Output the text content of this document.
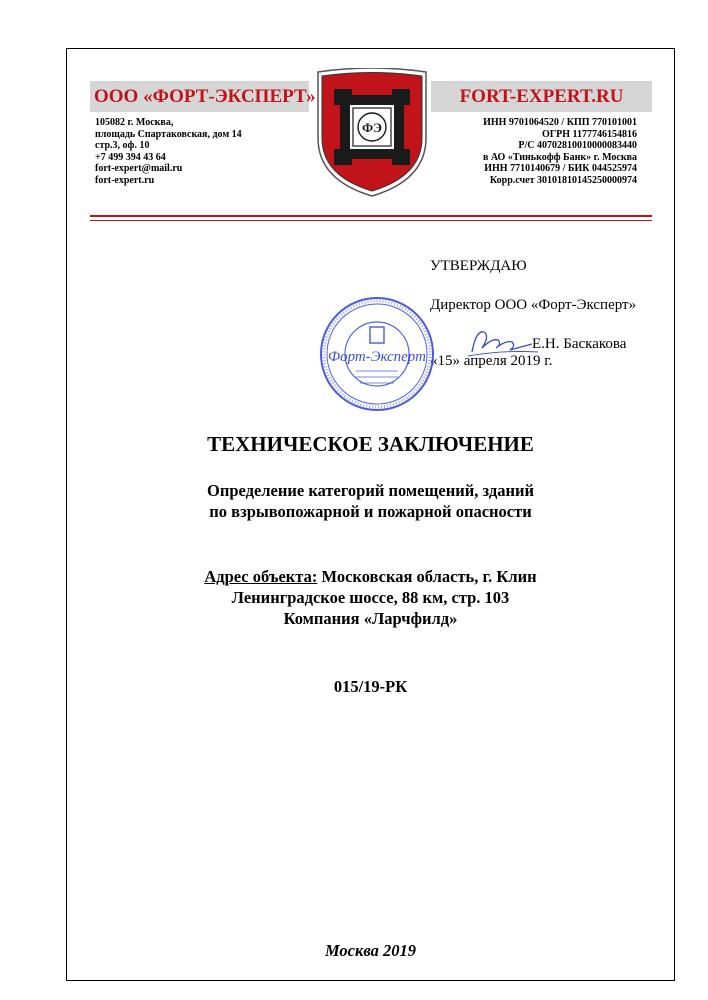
ООО «ФОРТ-ЭКСПЕРТ»	FORT-EXPERT.RU
105082 г. Москва,
площадь Спартаковская, дом 14
стр.3, оф. 10
+7 499 394 43 64
fort-expert@mail.ru
fort-expert.ru
ИНН 9701064520 / КПП 770101001
ОГРН 1177746154816
Р/С 40702810010000083440
в АО «Тинькофф Банк» г. Москва
ИНН 7710140679 / БИК 044525974
Корр.счет 30101810145250000974
ФЭ
УТВЕРЖДАЮ
Директор ООО «Форт-Эксперт»
Е.Н. Баскакова
«15» апреля 2019 г.
Форт-Эксперт
ТЕХНИЧЕСКОЕ ЗАКЛЮЧЕНИЕ
Определение категорий помещений, зданий
по взрывопожарной и пожарной опасности
Адрес объекта: Московская область, г. Клин
Ленинградское шоссе, 88 км, стр. 103
Компания «Ларчфилд»
015/19-РК
Москва 2019
